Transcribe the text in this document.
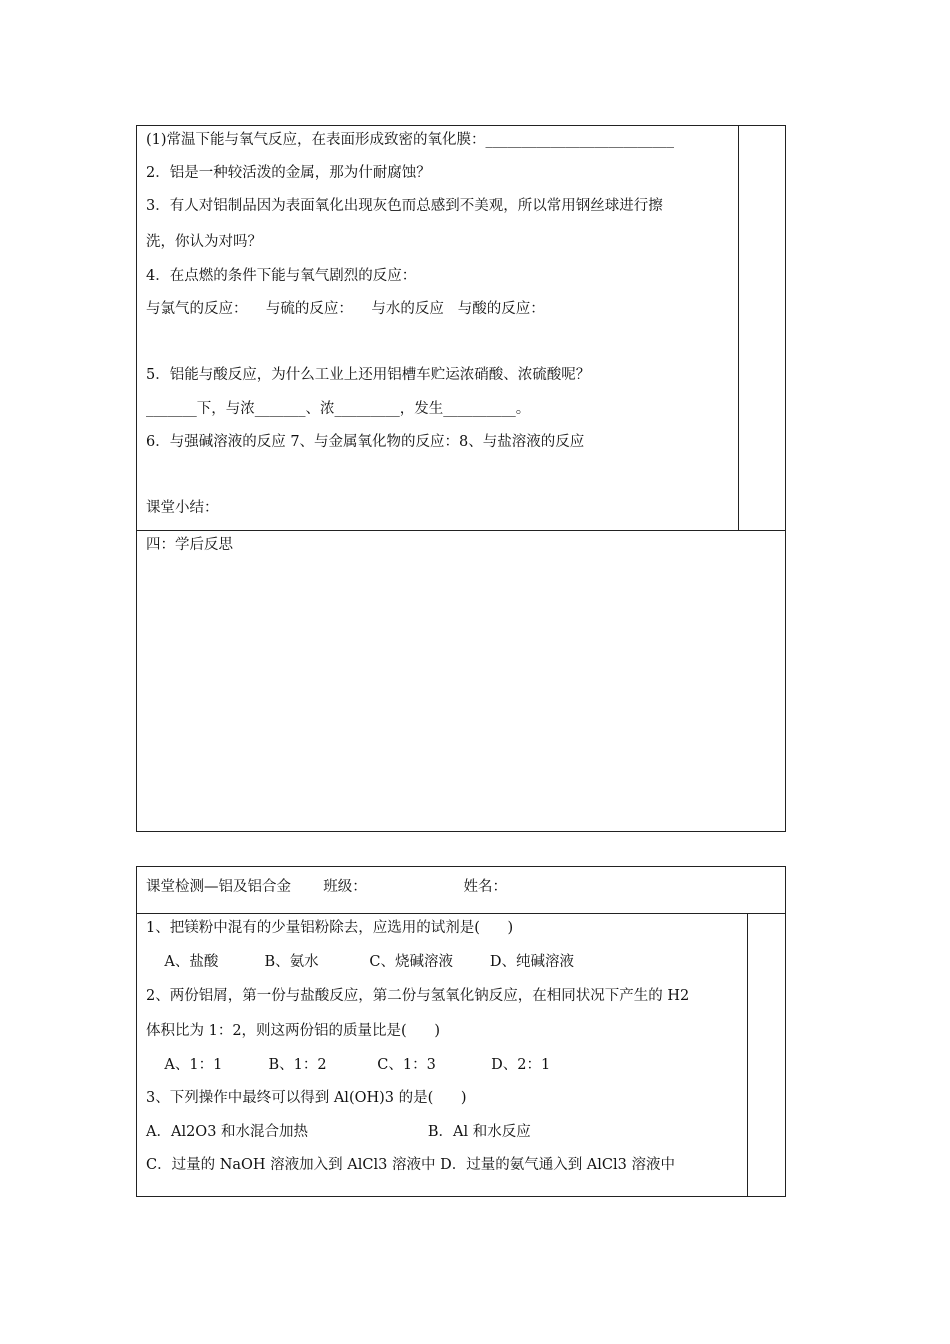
(1)常温下能与氧气反应，在表面形成致密的氧化膜：__________________________
2．铝是一种较活泼的金属，那为什耐腐蚀？
3．有人对铝制品因为表面氧化出现灰色而总感到不美观，所以常用钢丝球进行擦
洗，你认为对吗？
4．在点燃的条件下能与氧气剧烈的反应：
与氯气的反应：    与硫的反应：    与水的反应   与酸的反应：
5．铝能与酸反应，为什么工业上还用铝槽车贮运浓硝酸、浓硫酸呢？
_______下，与浓_______、浓_________，发生__________。
6．与强碱溶液的反应 7、与金属氧化物的反应：8、与盐溶液的反应
课堂小结：
四：学后反思
课堂检测—铝及铝合金       班级：                     姓名：
1、把镁粉中混有的少量铝粉除去，应选用的试剂是(      )
A、盐酸          B、氨水           C、烧碱溶液        D、纯碱溶液
2、两份铝屑，第一份与盐酸反应，第二份与氢氧化钠反应，在相同状况下产生的 H2
体积比为 1：2，则这两份铝的质量比是(      )
A、1：1          B、1：2           C、1：3            D、2：1
3、下列操作中最终可以得到 Al(OH)3 的是(      )
A．Al2O3 和水混合加热                          B．Al 和水反应
C．过量的 NaOH 溶液加入到 AlCl3 溶液中 D．过量的氨气通入到 AlCl3 溶液中
